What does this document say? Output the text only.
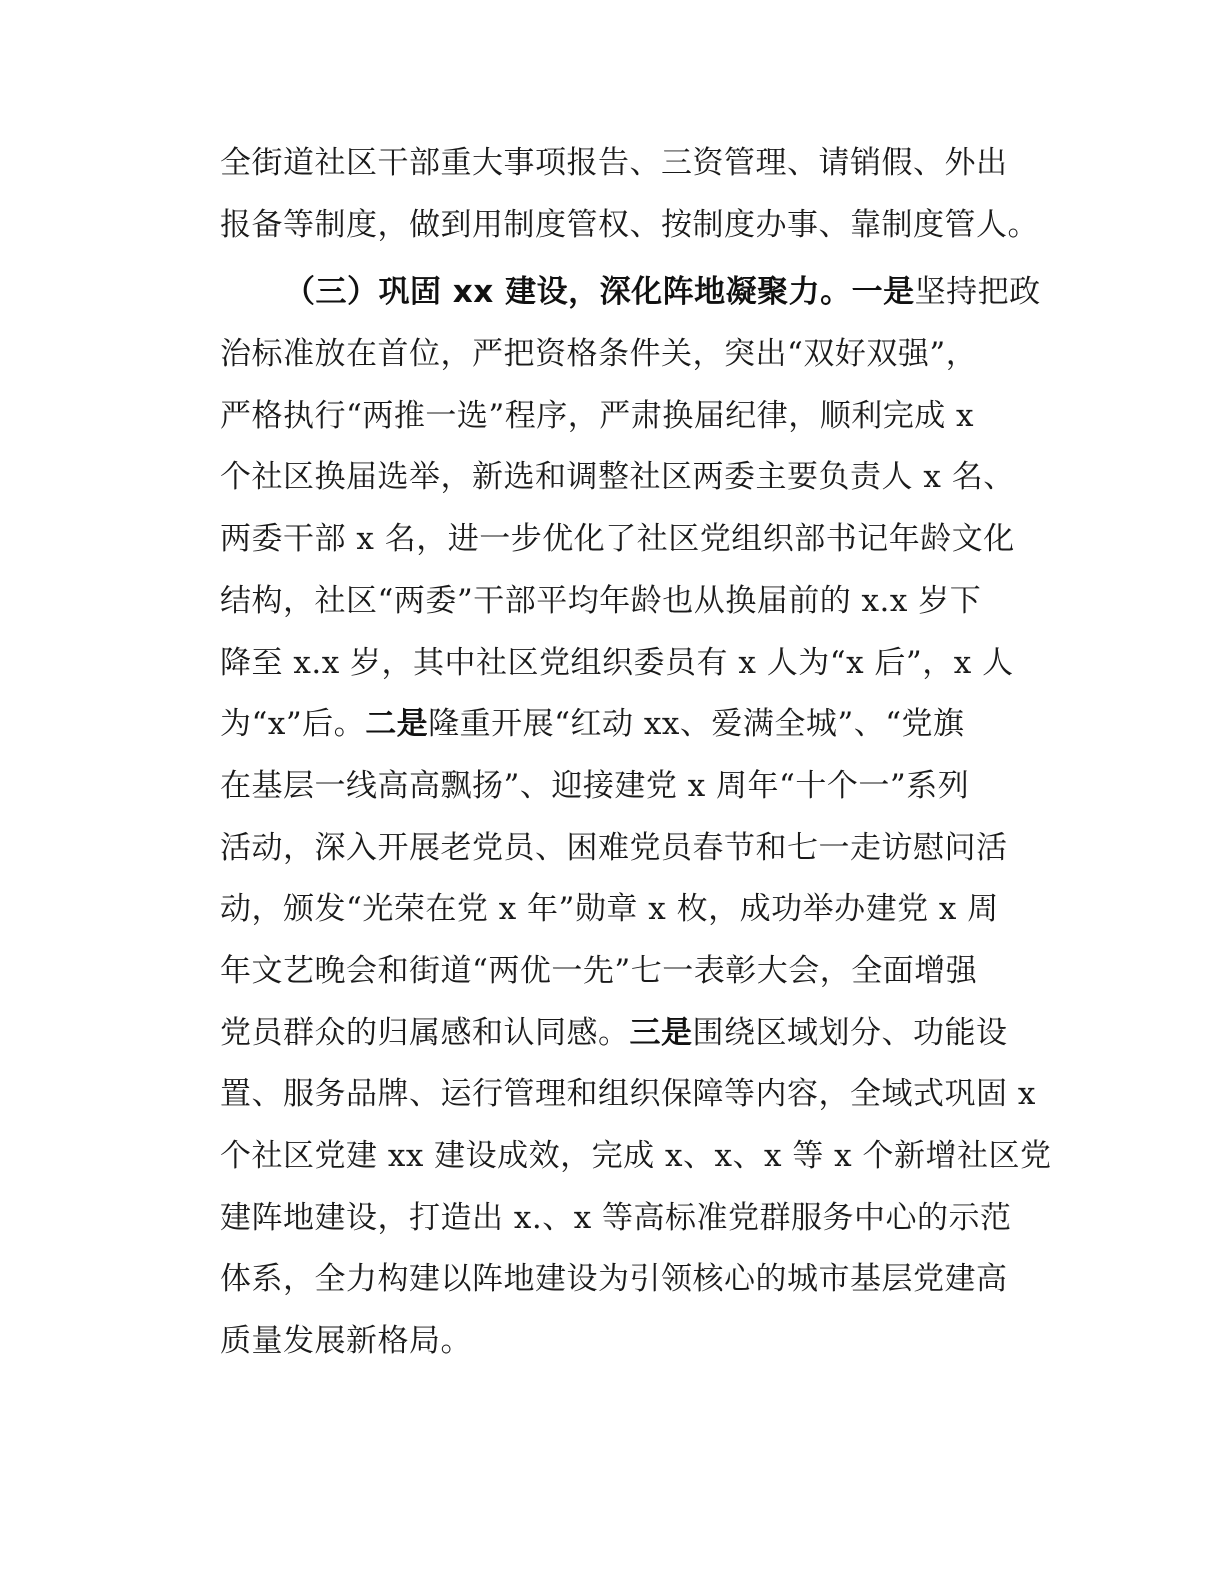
全街道社区干部重大事项报告、三资管理、请销假、外出
报备等制度，做到用制度管权、按制度办事、靠制度管人。
（三）巩固 xx 建设，深化阵地凝聚力。一是坚持把政
治标准放在首位，严把资格条件关，突出“双好双强”，
严格执行“两推一选”程序，严肃换届纪律，顺利完成 x
个社区换届选举，新选和调整社区两委主要负责人 x 名、
两委干部 x 名，进一步优化了社区党组织部书记年龄文化
结构，社区“两委”干部平均年龄也从换届前的 x.x 岁下
降至 x.x 岁，其中社区党组织委员有 x 人为“x 后”，x 人
为“x”后。二是隆重开展“红动 xx、爱满全城”、“党旗
在基层一线高高飘扬”、迎接建党 x 周年“十个一”系列
活动，深入开展老党员、困难党员春节和七一走访慰问活
动，颁发“光荣在党 x 年”勋章 x 枚，成功举办建党 x 周
年文艺晚会和街道“两优一先”七一表彰大会，全面增强
党员群众的归属感和认同感。三是围绕区域划分、功能设
置、服务品牌、运行管理和组织保障等内容，全域式巩固 x
个社区党建 xx 建设成效，完成 x、x、x 等 x 个新增社区党
建阵地建设，打造出 x.、x 等高标准党群服务中心的示范
体系，全力构建以阵地建设为引领核心的城市基层党建高
质量发展新格局。
